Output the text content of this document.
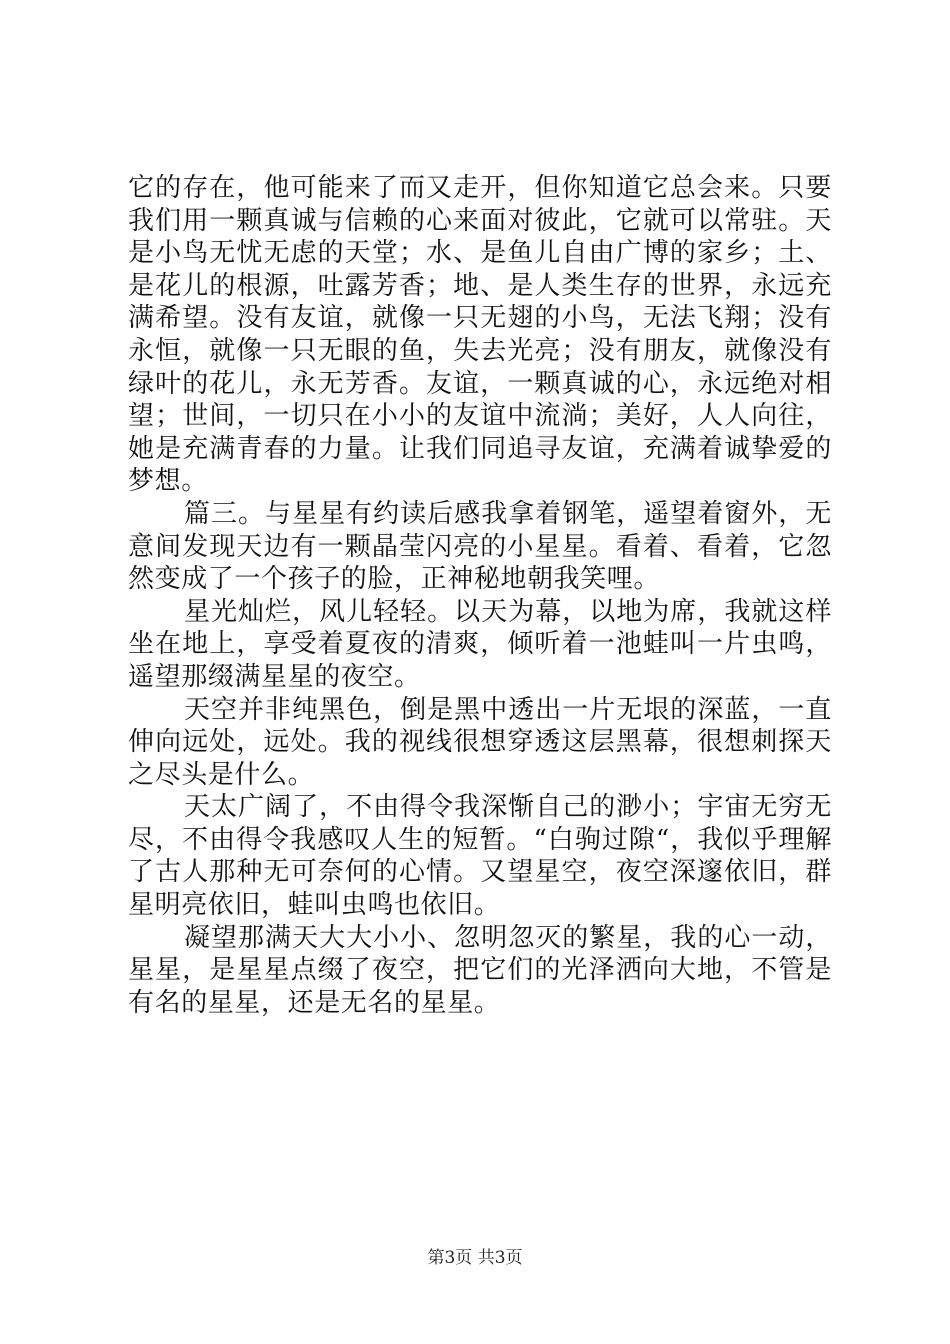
它的存在，他可能来了而又走开，但你知道它总会来。只要我们用一颗真诚与信赖的心来面对彼此，它就可以常驻。天是小鸟无忧无虑的天堂；水、是鱼儿自由广博的家乡；土、是花儿的根源，吐露芳香；地、是人类生存的世界，永远充满希望。没有友谊，就像一只无翅的小鸟，无法飞翔；没有永恒，就像一只无眼的鱼，失去光亮；没有朋友，就像没有绿叶的花儿，永无芳香。友谊，一颗真诚的心，永远绝对相望；世间，一切只在小小的友谊中流淌；美好，人人向往，她是充满青春的力量。让我们同追寻友谊，充满着诚挚爱的梦想。

篇三。与星星有约读后感我拿着钢笔，遥望着窗外，无意间发现天边有一颗晶莹闪亮的小星星。看着、看着，它忽然变成了一个孩子的脸，正神秘地朝我笑哩。

星光灿烂，风儿轻轻。以天为幕，以地为席，我就这样坐在地上，享受着夏夜的清爽，倾听着一池蛙叫一片虫鸣，遥望那缀满星星的夜空。

天空并非纯黑色，倒是黑中透出一片无垠的深蓝，一直伸向远处，远处。我的视线很想穿透这层黑幕，很想刺探天之尽头是什么。

天太广阔了，不由得令我深惭自己的渺小；宇宙无穷无尽，不由得令我感叹人生的短暂。“白驹过隙“，我似乎理解了古人那种无可奈何的心情。又望星空，夜空深邃依旧，群星明亮依旧，蛙叫虫鸣也依旧。

凝望那满天大大小小、忽明忽灭的繁星，我的心一动，星星，是星星点缀了夜空，把它们的光泽洒向大地，不管是有名的星星，还是无名的星星。

第3页 共3页
